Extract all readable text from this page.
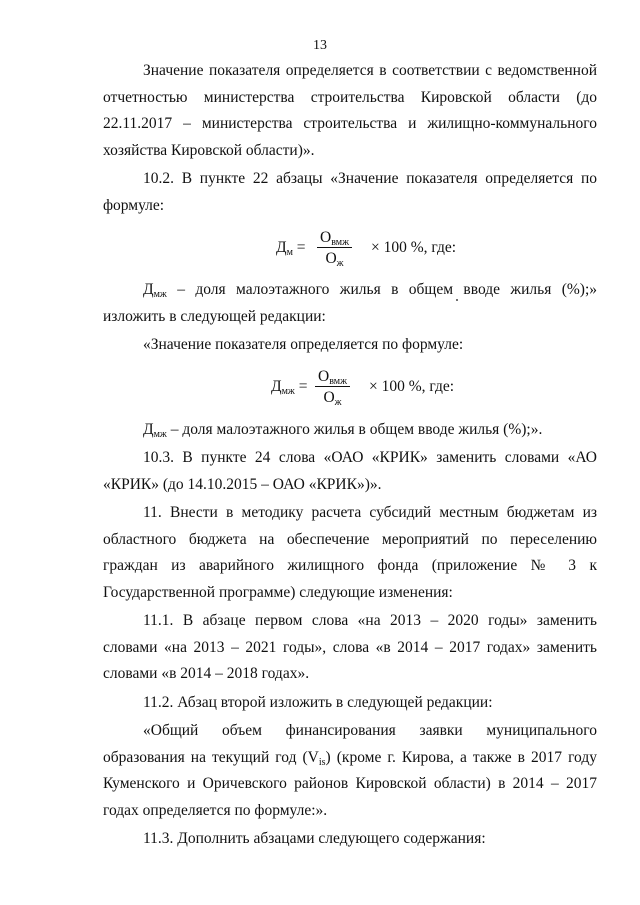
13

Значение показателя определяется в соответствии с ведомственной отчетностью министерства строительства Кировской области (до 22.11.2017 – министерства строительства и жилищно-коммунального хозяйства Кировской области)».

10.2. В пункте 22 абзацы «Значение показателя определяется по формуле:

$Д_м$ =
$О_{вмж}$
$О_ж$
× 100 %, где:

$Д_{мж}$ – доля малоэтажного жилья в общем вводе жилья (%);» изложить в следующей редакции:

«Значение показателя определяется по формуле:

$Д_{мж}$ =
$О_{вмж}$
$О_ж$
× 100 %, где:

$Д_{мж}$ – доля малоэтажного жилья в общем вводе жилья (%);».

10.3. В пункте 24 слова «ОАО «КРИК» заменить словами «АО «КРИК» (до 14.10.2015 – ОАО «КРИК»)».

11. Внести в методику расчета субсидий местным бюджетам из областного бюджета на обеспечение мероприятий по переселению граждан из аварийного жилищного фонда (приложение № 3 к Государственной программе) следующие изменения:

11.1. В абзаце первом слова «на 2013 – 2020 годы» заменить словами «на 2013 – 2021 годы», слова «в 2014 – 2017 годах» заменить словами «в 2014 – 2018 годах».

11.2. Абзац второй изложить в следующей редакции:

«Общий объем финансирования заявки муниципального образования на текущий год $(V_{is})$ (кроме г. Кирова, а также в 2017 году Куменского и Оричевского районов Кировской области) в 2014 – 2017 годах определяется по формуле:».

11.3. Дополнить абзацами следующего содержания:
